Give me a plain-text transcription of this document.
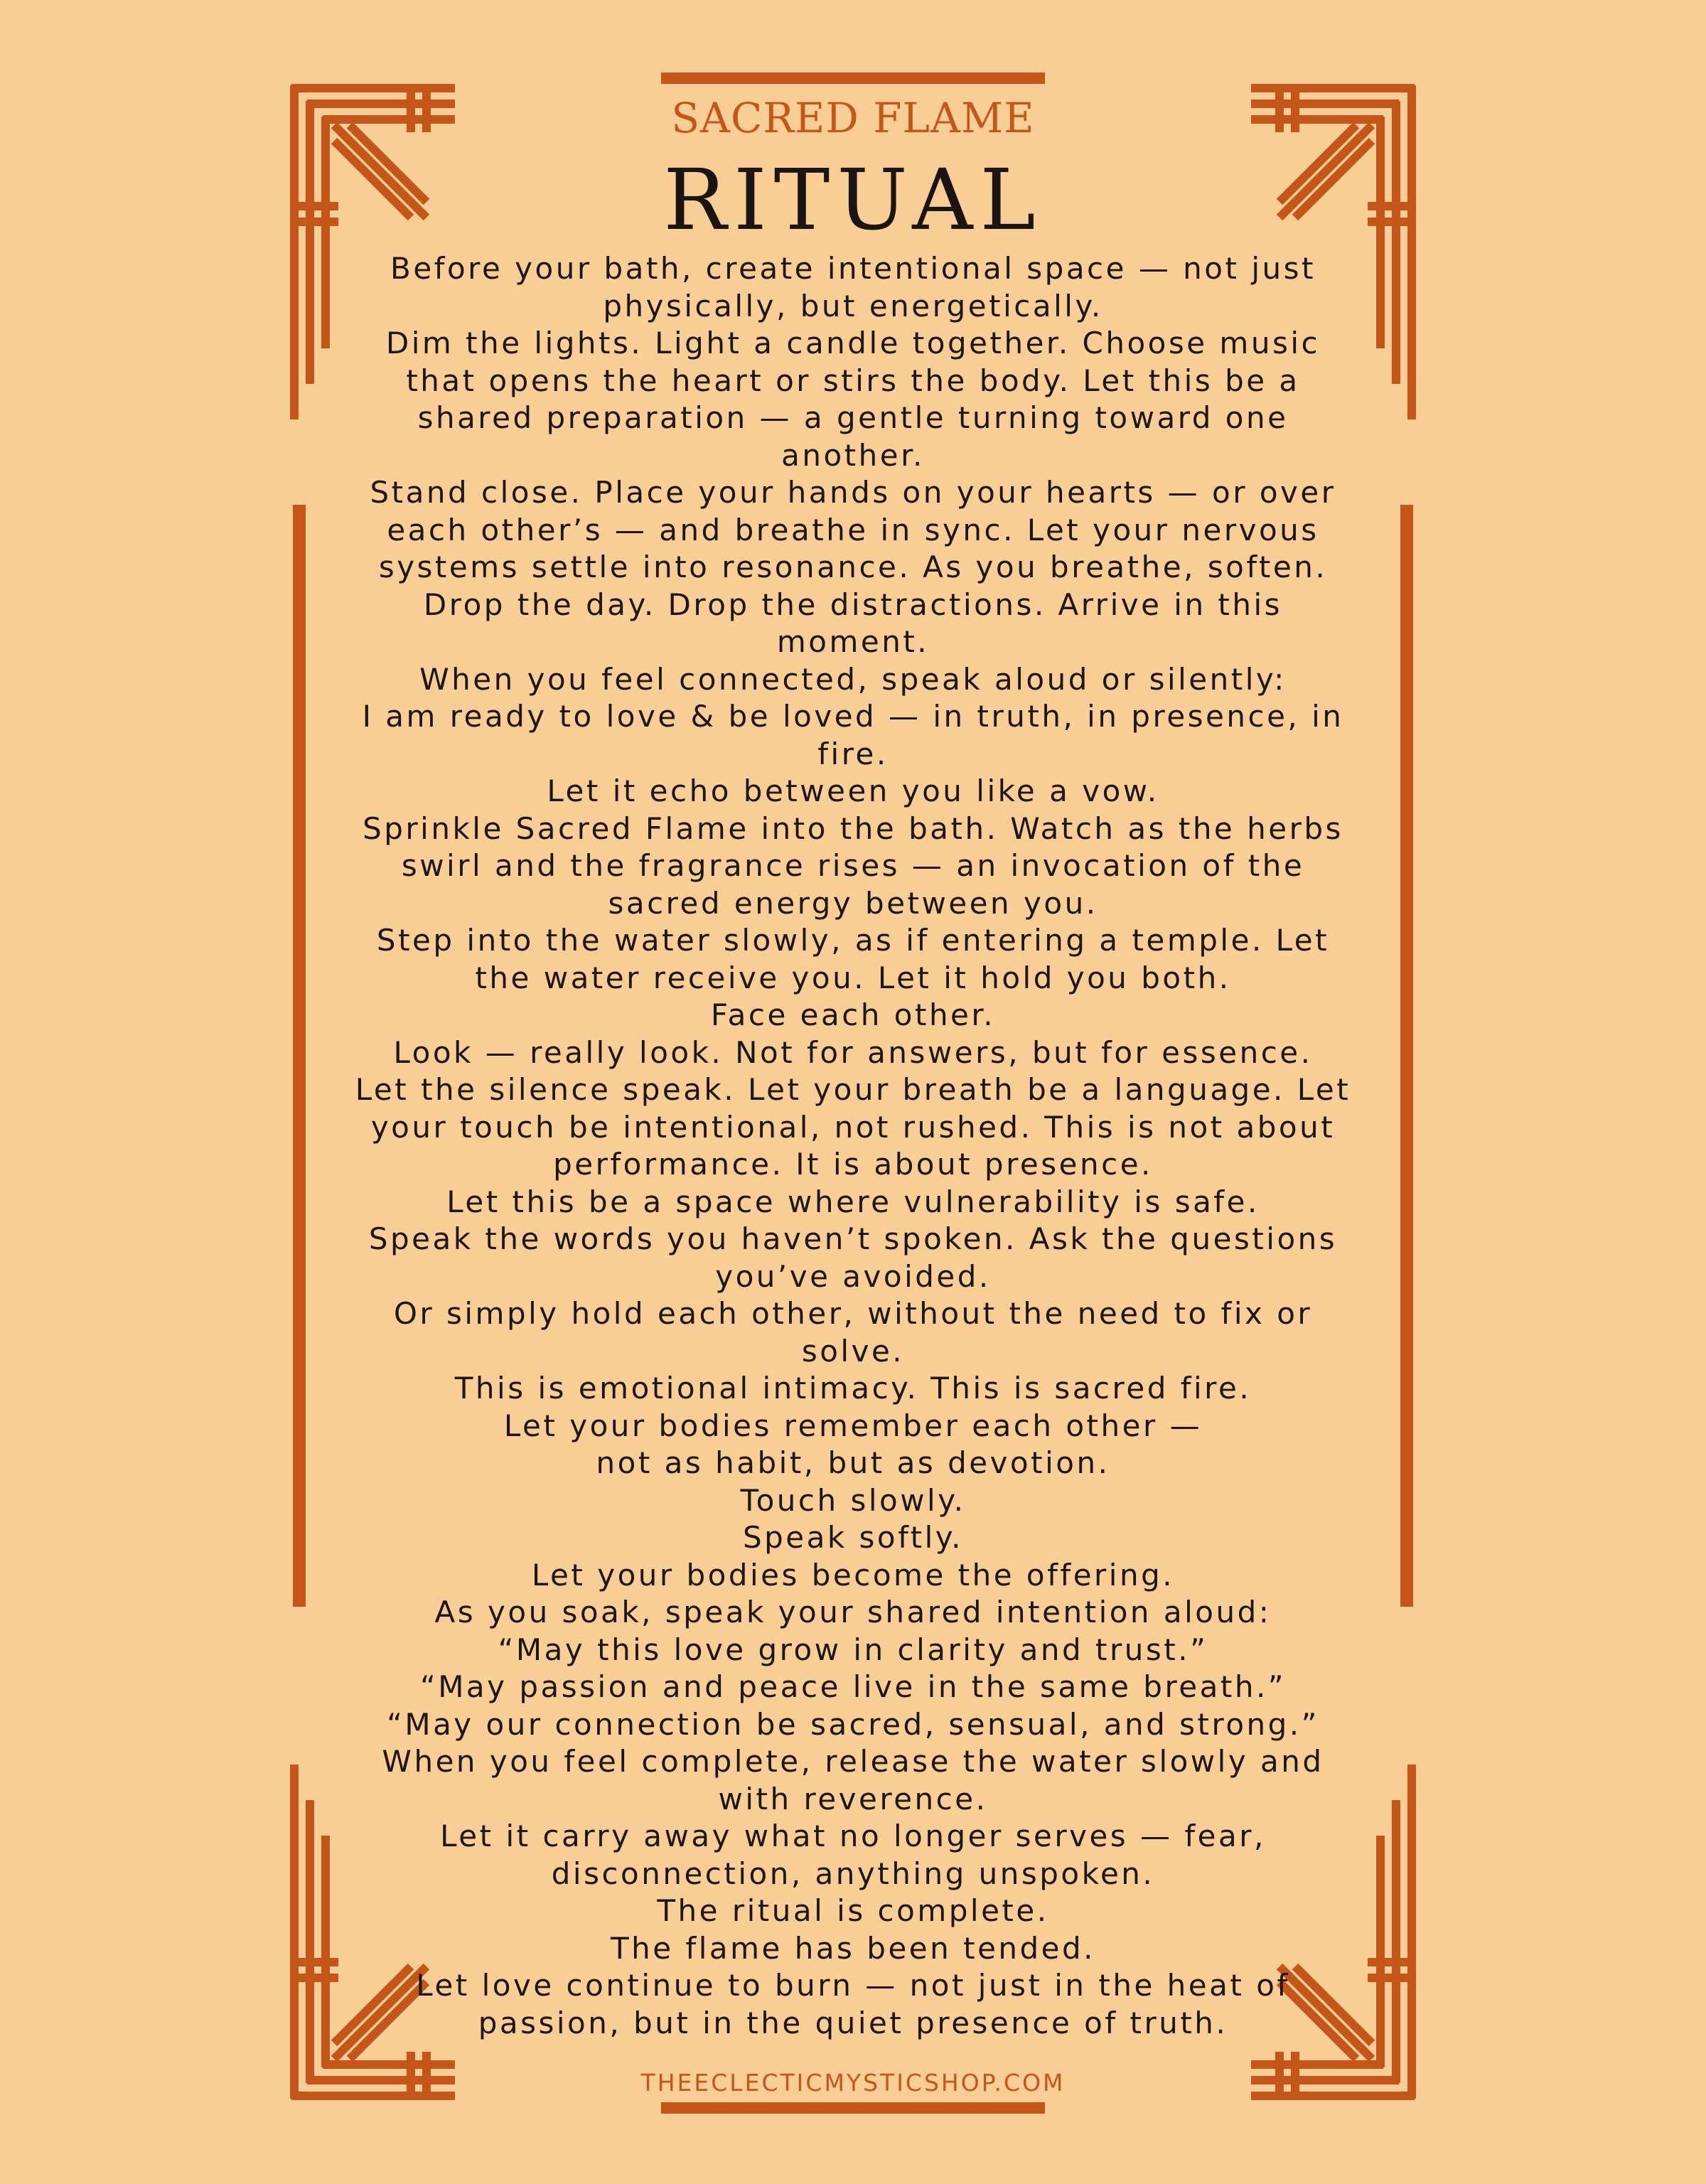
SACRED FLAME
RITUAL
Before your bath, create intentional space — not just
physically, but energetically.
Dim the lights. Light a candle together. Choose music
that opens the heart or stirs the body. Let this be a
shared preparation — a gentle turning toward one
another.
Stand close. Place your hands on your hearts — or over
each other’s — and breathe in sync. Let your nervous
systems settle into resonance. As you breathe, soften.
Drop the day. Drop the distractions. Arrive in this
moment.
When you feel connected, speak aloud or silently:
I am ready to love & be loved — in truth, in presence, in
fire.
Let it echo between you like a vow.
Sprinkle Sacred Flame into the bath. Watch as the herbs
swirl and the fragrance rises — an invocation of the
sacred energy between you.
Step into the water slowly, as if entering a temple. Let
the water receive you. Let it hold you both.
Face each other.
Look — really look. Not for answers, but for essence.
Let the silence speak. Let your breath be a language. Let
your touch be intentional, not rushed. This is not about
performance. It is about presence.
Let this be a space where vulnerability is safe.
Speak the words you haven’t spoken. Ask the questions
you’ve avoided.
Or simply hold each other, without the need to fix or
solve.
This is emotional intimacy. This is sacred fire.
Let your bodies remember each other —
not as habit, but as devotion.
Touch slowly.
Speak softly.
Let your bodies become the offering.
As you soak, speak your shared intention aloud:
“May this love grow in clarity and trust.”
“May passion and peace live in the same breath.”
“May our connection be sacred, sensual, and strong.”
When you feel complete, release the water slowly and
with reverence.
Let it carry away what no longer serves — fear,
disconnection, anything unspoken.
The ritual is complete.
The flame has been tended.
Let love continue to burn — not just in the heat of
passion, but in the quiet presence of truth.
THEECLECTICMYSTICSHOP.COM
